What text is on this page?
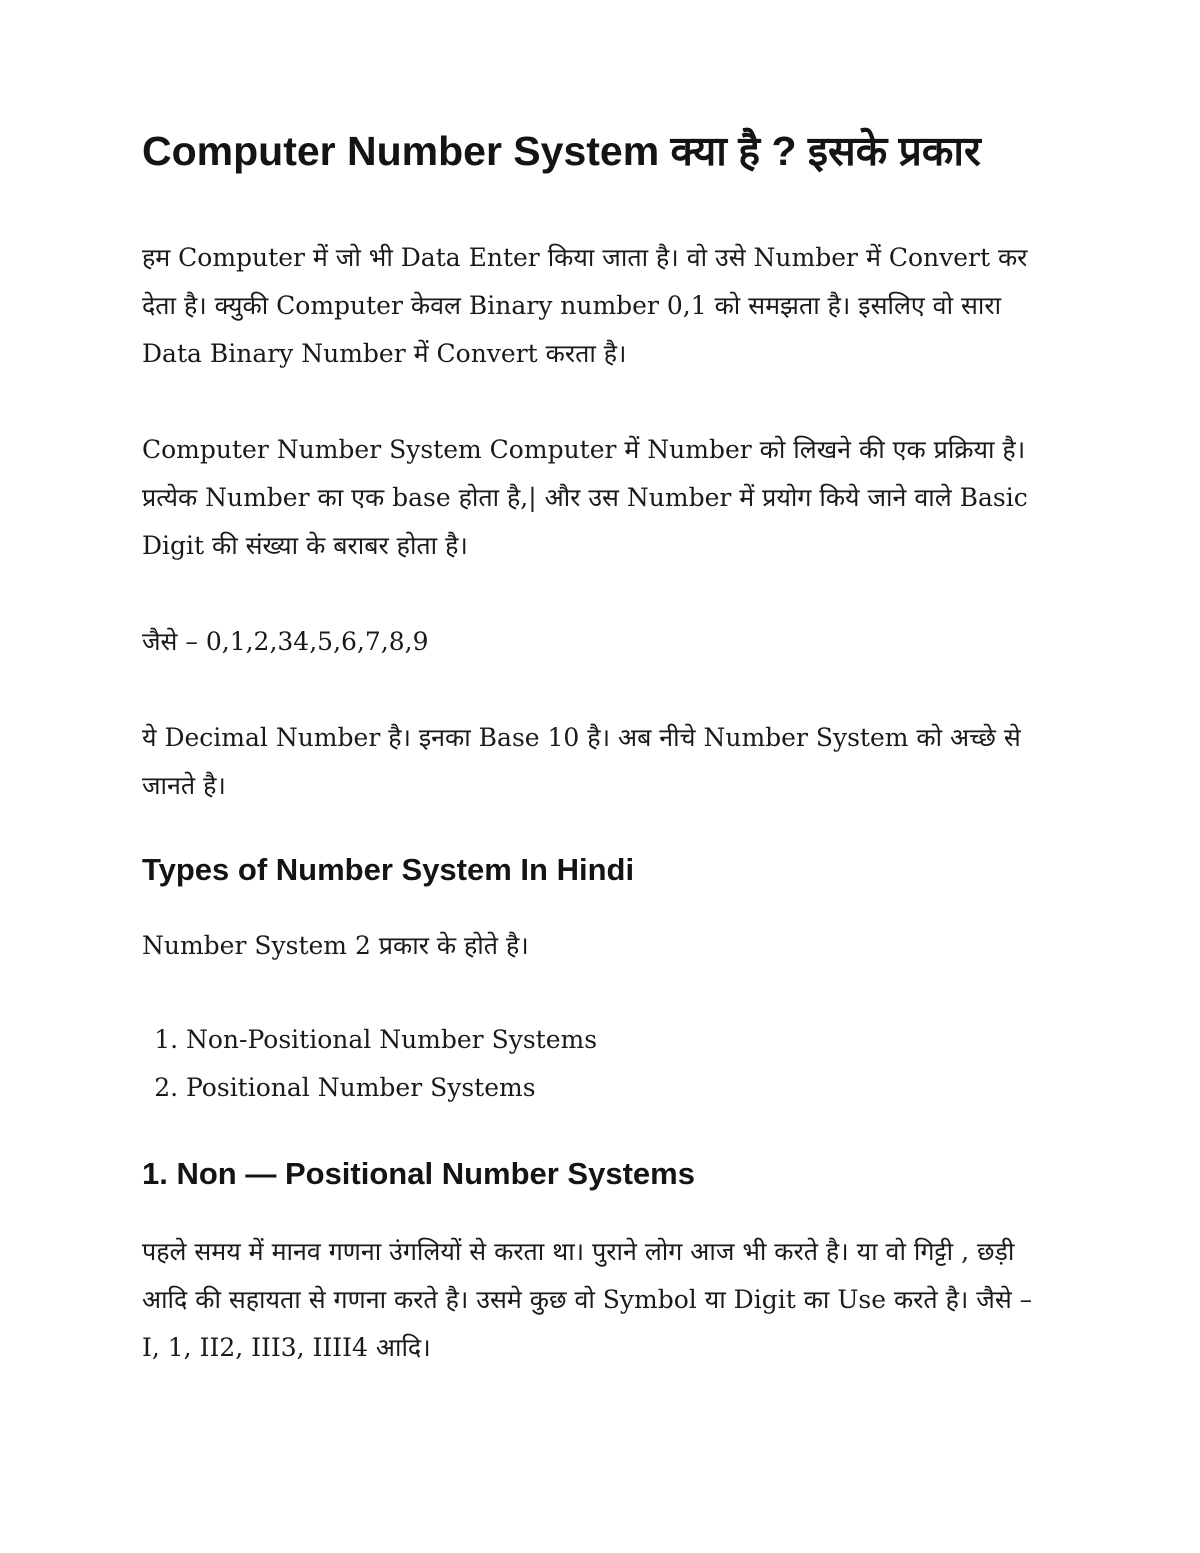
Computer Number System क्या है ? इसके प्रकार

हम Computer में जो भी Data Enter किया जाता है। वो उसे Number में Convert कर देता है। क्युकी Computer केवल Binary number 0,1 को समझता है। इसलिए वो सारा Data Binary Number में Convert करता है।

Computer Number System Computer में Number को लिखने की एक प्रक्रिया है। प्रत्येक Number का एक base होता है,| और उस Number में प्रयोग किये जाने वाले Basic Digit की संख्या के बराबर होता है।

जैसे – 0,1,2,34,5,6,7,8,9

ये Decimal Number है। इनका Base 10 है। अब नीचे Number System को अच्छे से जानते है।

Types of Number System In Hindi

Number System 2 प्रकार के होते है।

1. Non-Positional Number Systems
2. Positional Number Systems
1. Non — Positional Number Systems

पहले समय में मानव गणना उंगलियों से करता था। पुराने लोग आज भी करते है। या वो गिट्टी , छड़ी आदि की सहायता से गणना करते है। उसमे कुछ वो Symbol या Digit का Use करते है। जैसे – I, 1, II2, III3, IIII4 आदि।
